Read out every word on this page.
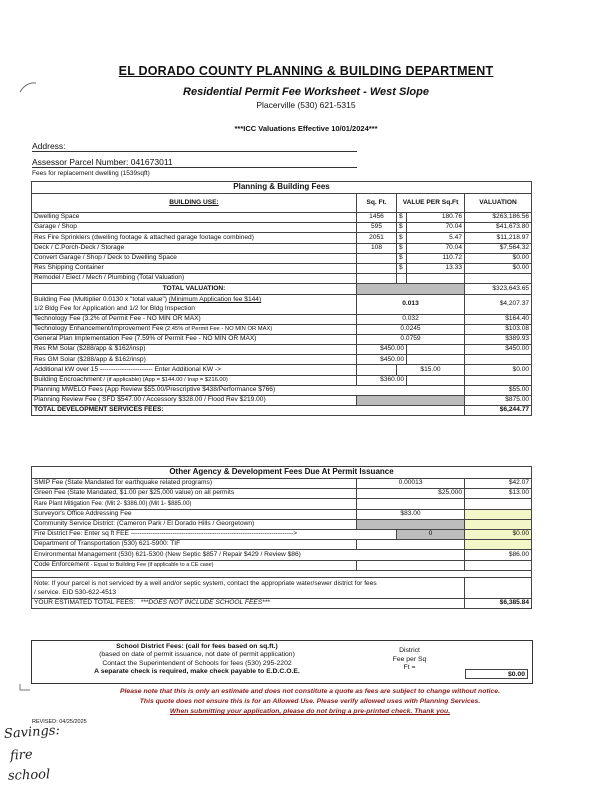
EL DORADO COUNTY PLANNING & BUILDING DEPARTMENT
Residential Permit Fee Worksheet - West Slope
Placerville (530) 621-5315
***ICC Valuations Effective 10/01/2024***
Address:
Assessor Parcel Number: 041673011
Fees for replacement dwelling (1539sqft)
Planning & Building Fees				
BUILDING USE:	Sq. Ft.	VALUE PER Sq.Ft		VALUATION
Dwelling Space	1456	$	180.76	$263,186.56
Garage / Shop	595	$	70.04	$41,673.80
Res Fire Sprinklers (dwelling footage & attached garage footage combined)	2051	$	5.47	$11,218.97
Deck / C.Porch-Deck / Storage	108	$	70.04	$7,564.32
Convert Garage / Shop / Deck to Dwelling Space		$	110.72	$0.00
Res Shipping Container		$	13.33	$0.00
Remodel / Elect / Mech / Plumbing (Total Valuation)				
TOTAL VALUATION:				$323,643.65
Building Fee (Multiplier 0.0130 x "total value") (Minimum Application fee $144)
1/2 Bldg Fee for Application and 1/2 for Bldg Inspection	0.013			$4,207.37
Technology Fee (3.2% of Permit Fee - NO MIN OR MAX)	0.032			$164.40
Technology Enhancement/Improvement Fee (2.45% of Permit Fee - NO MIN OR MAX)	0.0245			$103.08
General Plan Implementation Fee (7.59% of Permit Fee - NO MIN OR MAX)	0.0759			$389.93
Res RM Solar ($288/app & $162/insp)	$450.00			$450.00
Res GM Solar ($288/app & $162/insp)	$450.00			
Additional kW over 15 ------------------------ Enter Additional KW ->		$15.00		$0.00
Building Encroachment / (if applicable) (App = $144.00 / Insp = $216.00)	$360.00			
Planning MWELO Fees (App Review $55.00/Prescriptive $438/Performance $766)				$55.00
Planning Review Fee ( SFD $547.00 / Accessory $328.00 / Flood Rev $219.00)				$875.00
TOTAL DEVELOPMENT SERVICES FEES:				$6,244.77
Other Agency & Development Fees Due At Permit Issuance			
SMIP Fee (State Mandated for earthquake related programs)	0.00013		$42.07
Green Fee (State Mandated, $1.00 per $25,000 value) on all permits	$25,000		$13.00
Rare Plant Mitigation Fee: (Mit 2- $386.00) (Mit 1- $885.00)			
Surveyor's Office Addressing Fee	$83.00		
Community Service District: (Cameron Park / El Dorado Hills / Georgetown)			
Fire District Fee: Enter sq ft FEE -------------------------------------------------------------------------->		0	$0.00
Department of Transportation (530) 621-5900: TIF			
Environmental Management (530) 621-5300 (New Septic $857 / Repair $429 / Review $86)			$86.00
Code Enforcement - Equal to Building Fee (if applicable to a CE case)			

Note: If your parcel is not serviced by a well and/or septic system, contact the appropriate water/sewer district for fees
/ service. EID 530-622-4513			
YOUR ESTIMATED TOTAL FEES: ***DOES NOT INCLUDE SCHOOL FEES***			$6,385.84
School District Fees: (call for fees based on sq.ft.)
(based on date of permit issuance, not date of permit application)
Contact the Superintendent of Schools for fees (530) 295-2202
A separate check is required, make check payable to E.D.C.O.E.
District
Fee per Sq
Ft =
$0.00
Please note that this is only an estimate and does not constitute a quote as fees are subject to change without notice.
This quote does not ensure this is for an Allowed Use. Please verify allowed uses with Planning Services.
When submitting your application, please do not bring a pre-printed check. Thank you.
REVISED: 04/25/2025
Savings:
fire
school
